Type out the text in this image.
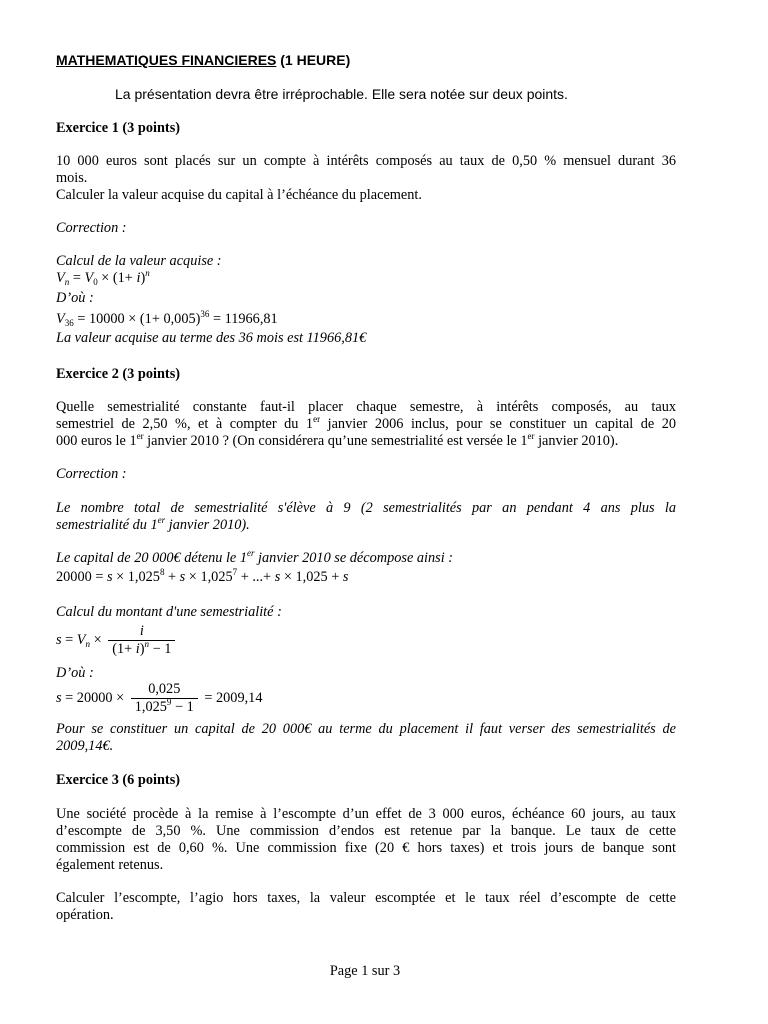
MATHEMATIQUES FINANCIERES (1 HEURE)
La présentation devra être irréprochable. Elle sera notée sur deux points.
Exercice 1 (3 points)
10 000 euros sont placés sur un compte à intérêts composés au taux de 0,50 % mensuel durant 36
mois.
Calculer la valeur acquise du capital à l’échéance du placement.
Correction :
Calcul de la valeur acquise :
$V_n = V_0 \times (1+ i)^n$
D’où :
$V_{36} = 10000 \times (1+ 0,005)^{36} = 11966,81$
La valeur acquise au terme des 36 mois est 11966,81€
Exercice 2 (3 points)
Quelle semestrialité constante faut-il placer chaque semestre, à intérêts composés, au taux
semestriel de 2,50 %, et à compter du 1er janvier 2006 inclus, pour se constituer un capital de 20
000 euros le 1er janvier 2010 ? (On considérera qu’une semestrialité est versée le 1er janvier 2010).
Correction :
Le nombre total de semestrialité s'élève à 9 (2 semestrialités par an pendant 4 ans plus la
semestrialité du 1er janvier 2010).
Le capital de 20 000€ détenu le 1er janvier 2010 se décompose ainsi :
$20000 = s \times 1,025^8 + s \times 1,025^7$ + ...+ s × 1,025 + s
Calcul du montant d'une semestrialité :
$s = V_n \times \frac{i}{(1+ i)^n - 1}$
D’où :
$s = 20000 \times \frac{0,025}{1,025^9 - 1} = 2009,14$
Pour se constituer un capital de 20 000€ au terme du placement il faut verser des semestrialités de
2009,14€.
Exercice 3 (6 points)
Une société procède à la remise à l’escompte d’un effet de 3 000 euros, échéance 60 jours, au taux
d’escompte de 3,50 %. Une commission d’endos est retenue par la banque. Le taux de cette
commission est de 0,60 %. Une commission fixe (20 € hors taxes) et trois jours de banque sont
également retenus.
Calculer l’escompte, l’agio hors taxes, la valeur escomptée et le taux réel d’escompte de cette
opération.
Page 1 sur 3
